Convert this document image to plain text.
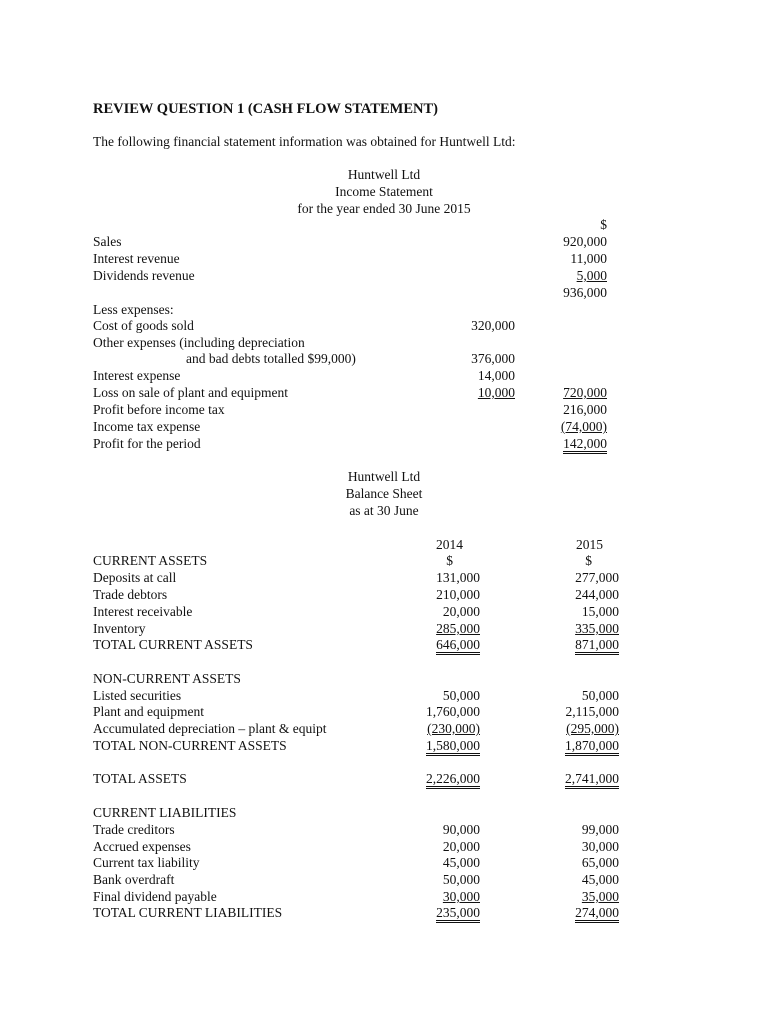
REVIEW QUESTION 1 (CASH FLOW STATEMENT)
The following financial statement information was obtained for Huntwell Ltd:
Huntwell Ltd
Income Statement
for the year ended 30 June 2015
$
Sales	920,000
Interest revenue	11,000
Dividends revenue	5,000
936,000
Less expenses:
Cost of goods sold	320,000
Other expenses (including depreciation
and bad debts totalled $99,000)	376,000
Interest expense	14,000
Loss on sale of plant and equipment	10,000	720,000
Profit before income tax	216,000
Income tax expense	(74,000)
Profit for the period	142,000
Huntwell Ltd
Balance Sheet
as at 30 June
2014	2015
CURRENT ASSETS	$	$
Deposits at call	131,000	277,000
Trade debtors	210,000	244,000
Interest receivable	20,000	15,000
Inventory	285,000	335,000
TOTAL CURRENT ASSETS	646,000	871,000
NON-CURRENT ASSETS
Listed securities	50,000	50,000
Plant and equipment	1,760,000	2,115,000
Accumulated depreciation – plant & equipt	(230,000)	(295,000)
TOTAL NON-CURRENT ASSETS	1,580,000	1,870,000
TOTAL ASSETS	2,226,000	2,741,000
CURRENT LIABILITIES
Trade creditors	90,000	99,000
Accrued expenses	20,000	30,000
Current tax liability	45,000	65,000
Bank overdraft	50,000	45,000
Final dividend payable	30,000	35,000
TOTAL CURRENT LIABILITIES	235,000	274,000
